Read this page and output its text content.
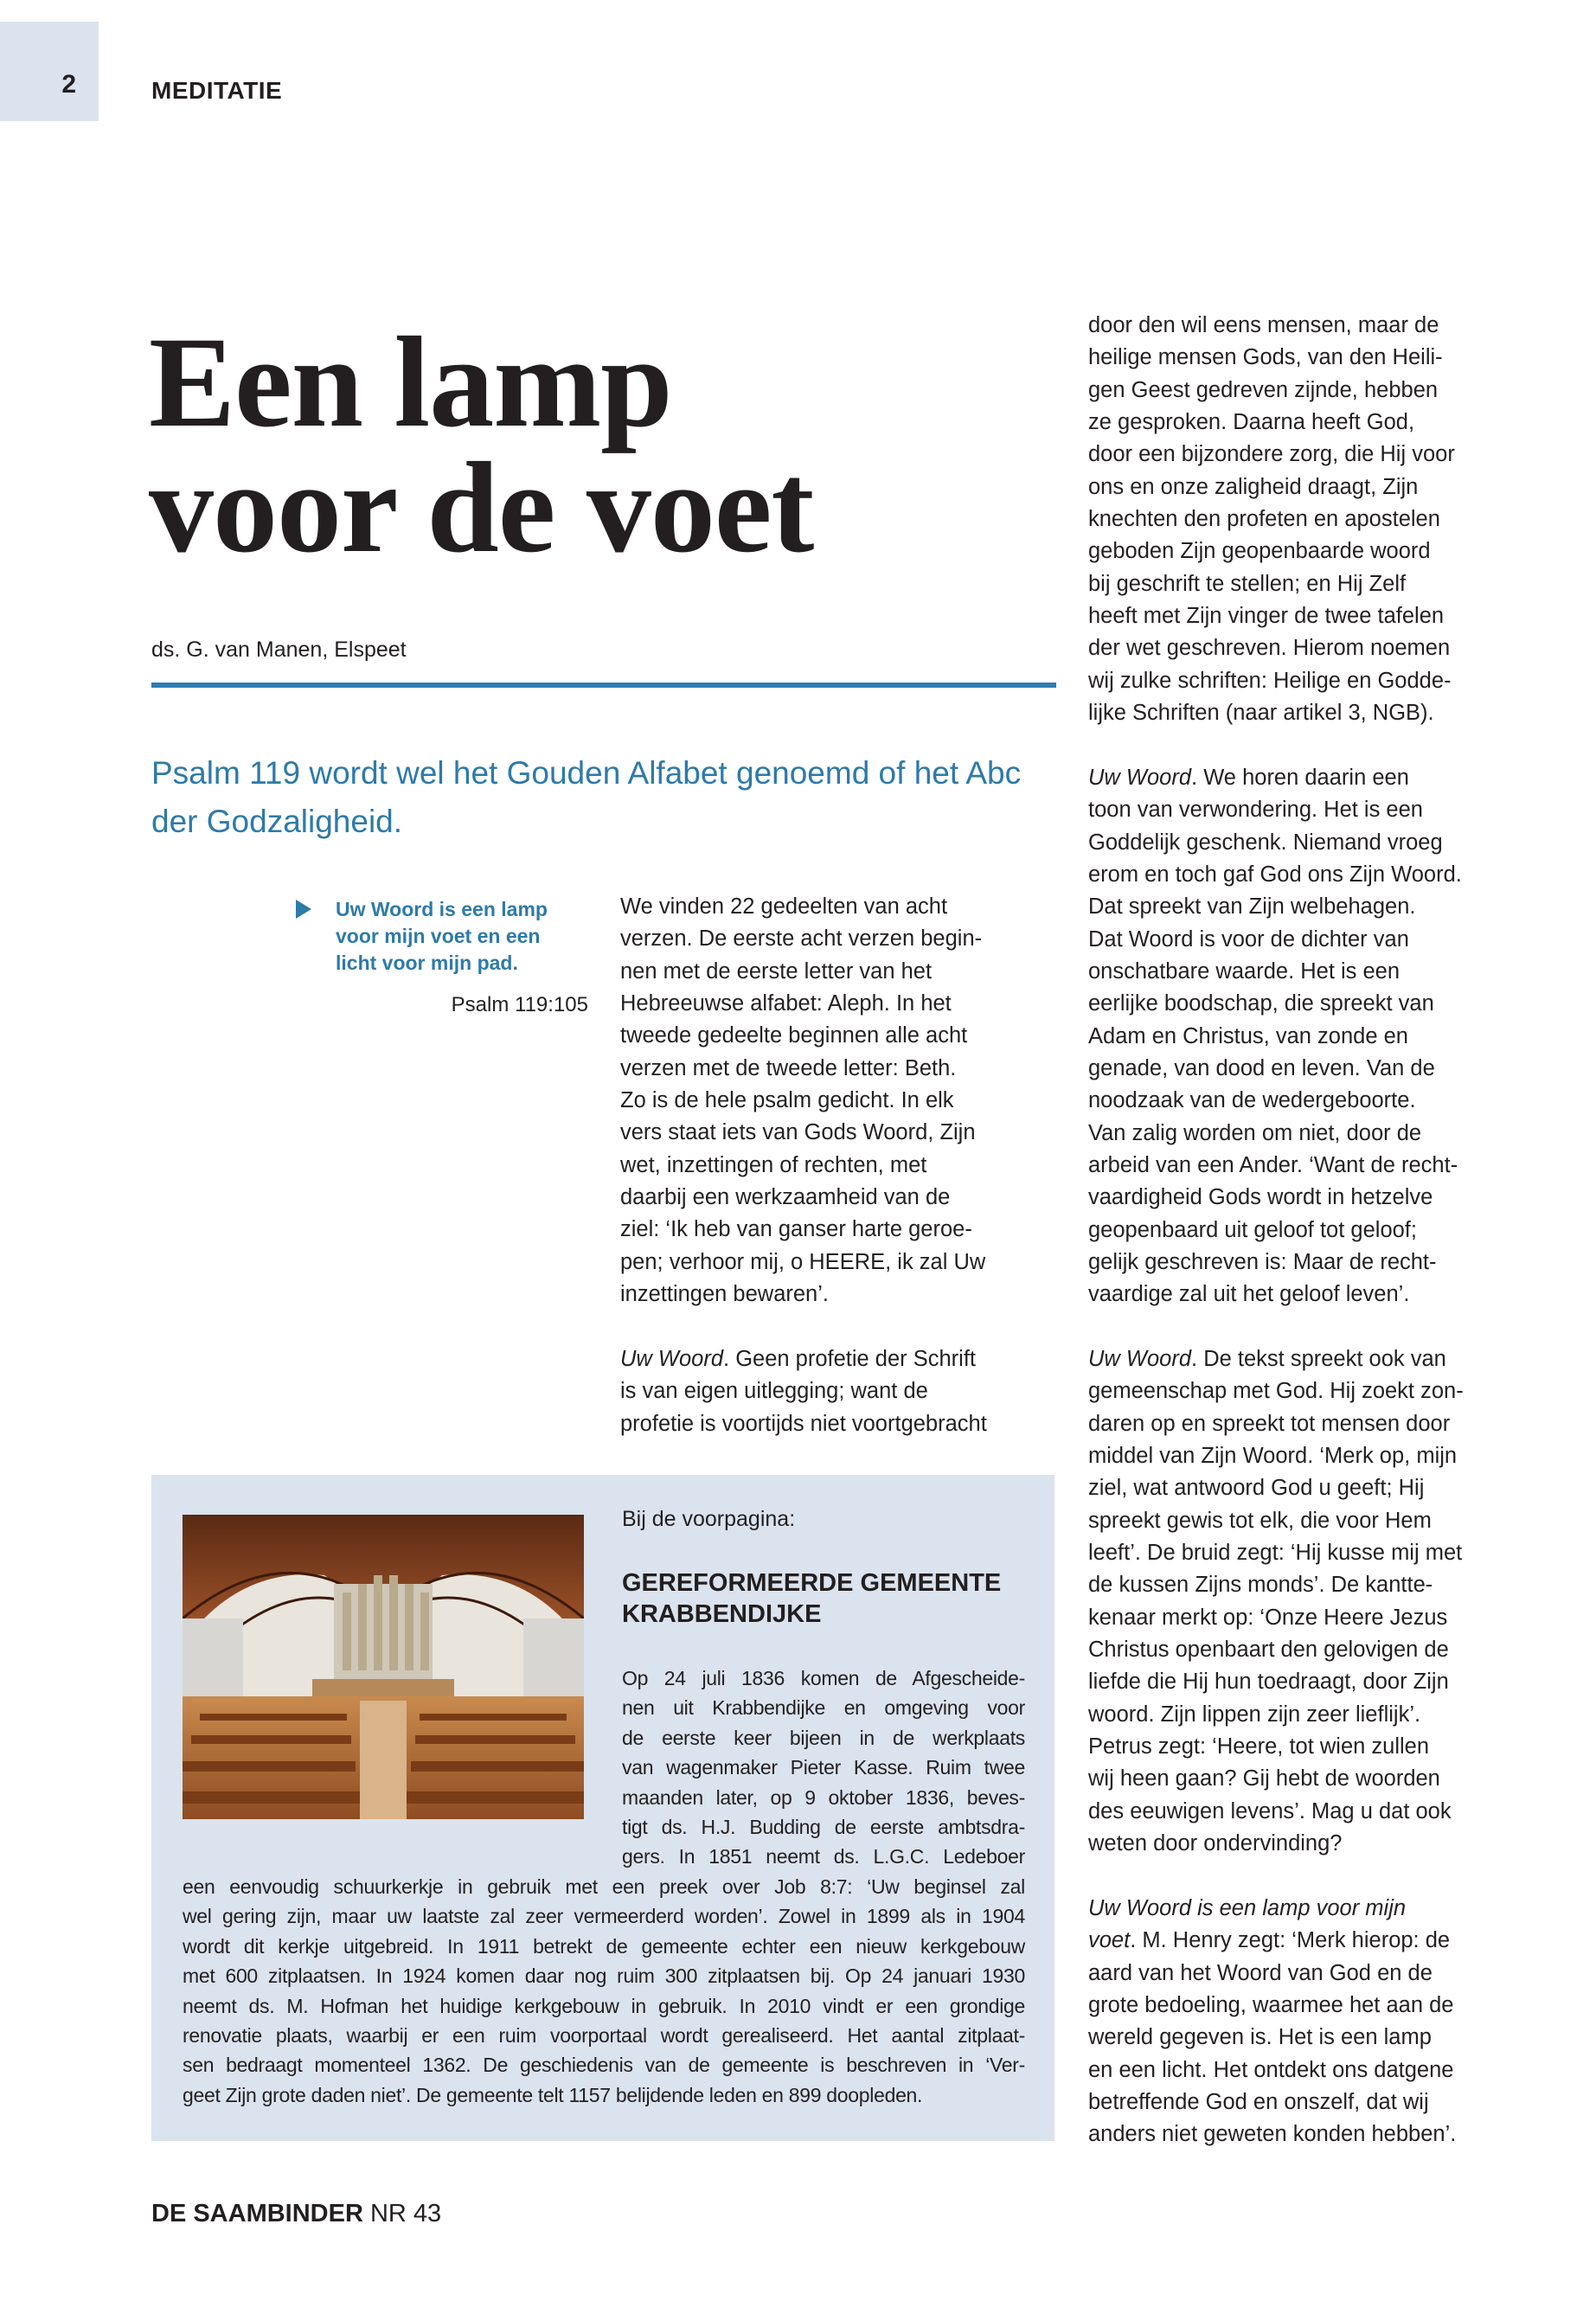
2	MEDITATIE
Een lamp
voor de voet
ds. G. van Manen, Elspeet
Psalm 119 wordt wel het Gouden Alfabet genoemd of het Abc der Godzaligheid.
Uw Woord is een lamp voor mijn voet en een licht voor mijn pad.
Psalm 119:105
We vinden 22 gedeelten van acht
verzen. De eerste acht verzen begin-
nen met de eerste letter van het
Hebreeuwse alfabet: Aleph. In het
tweede gedeelte beginnen alle acht
verzen met de tweede letter: Beth.
Zo is de hele psalm gedicht. In elk
vers staat iets van Gods Woord, Zijn
wet, inzettingen of rechten, met
daarbij een werkzaamheid van de
ziel: ‘Ik heb van ganser harte geroe-
pen; verhoor mij, o HEERE, ik zal Uw
inzettingen bewaren’.
Uw Woord. Geen profetie der Schrift
is van eigen uitlegging; want de
profetie is voortijds niet voortgebracht
door den wil eens mensen, maar de
heilige mensen Gods, van den Heili-
gen Geest gedreven zijnde, hebben
ze gesproken. Daarna heeft God,
door een bijzondere zorg, die Hij voor
ons en onze zaligheid draagt, Zijn
knechten den profeten en apostelen
geboden Zijn geopenbaarde woord
bij geschrift te stellen; en Hij Zelf
heeft met Zijn vinger de twee tafelen
der wet geschreven. Hierom noemen
wij zulke schriften: Heilige en Godde-
lijke Schriften (naar artikel 3, NGB).
Uw Woord. We horen daarin een
toon van verwondering. Het is een
Goddelijk geschenk. Niemand vroeg
erom en toch gaf God ons Zijn Woord.
Dat spreekt van Zijn welbehagen.
Dat Woord is voor de dichter van
onschatbare waarde. Het is een
eerlijke boodschap, die spreekt van
Adam en Christus, van zonde en
genade, van dood en leven. Van de
noodzaak van de wedergeboorte.
Van zalig worden om niet, door de
arbeid van een Ander. ‘Want de recht-
vaardigheid Gods wordt in hetzelve
geopenbaard uit geloof tot geloof;
gelijk geschreven is: Maar de recht-
vaardige zal uit het geloof leven’.
Uw Woord. De tekst spreekt ook van
gemeenschap met God. Hij zoekt zon-
daren op en spreekt tot mensen door
middel van Zijn Woord. ‘Merk op, mijn
ziel, wat antwoord God u geeft; Hij
spreekt gewis tot elk, die voor Hem
leeft’. De bruid zegt: ‘Hij kusse mij met
de kussen Zijns monds’. De kantte-
kenaar merkt op: ‘Onze Heere Jezus
Christus openbaart den gelovigen de
liefde die Hij hun toedraagt, door Zijn
woord. Zijn lippen zijn zeer lieflijk’.
Petrus zegt: ‘Heere, tot wien zullen
wij heen gaan? Gij hebt de woorden
des eeuwigen levens’. Mag u dat ook
weten door ondervinding?
Uw Woord is een lamp voor mijn
voet. M. Henry zegt: ‘Merk hierop: de
aard van het Woord van God en de
grote bedoeling, waarmee het aan de
wereld gegeven is. Het is een lamp
en een licht. Het ontdekt ons datgene
betreffende God en onszelf, dat wij
anders niet geweten konden hebben’.
Bij de voorpagina:
GEREFORMEERDE GEMEENTE
KRABBENDIJKE
Op 24 juli 1836 komen de Afgescheide-
nen uit Krabbendijke en omgeving voor
de eerste keer bijeen in de werkplaats
van wagenmaker Pieter Kasse. Ruim twee
maanden later, op 9 oktober 1836, beves-
tigt ds. H.J. Budding de eerste ambtsdra-
gers. In 1851 neemt ds. L.G.C. Ledeboer
een eenvoudig schuurkerkje in gebruik met een preek over Job 8:7: ‘Uw beginsel zal
wel gering zijn, maar uw laatste zal zeer vermeerderd worden’. Zowel in 1899 als in 1904
wordt dit kerkje uitgebreid. In 1911 betrekt de gemeente echter een nieuw kerkgebouw
met 600 zitplaatsen. In 1924 komen daar nog ruim 300 zitplaatsen bij. Op 24 januari 1930
neemt ds. M. Hofman het huidige kerkgebouw in gebruik. In 2010 vindt er een grondige
renovatie plaats, waarbij er een ruim voorportaal wordt gerealiseerd. Het aantal zitplaat-
sen bedraagt momenteel 1362. De geschiedenis van de gemeente is beschreven in ‘Ver-
geet Zijn grote daden niet’. De gemeente telt 1157 belijdende leden en 899 doopleden.
DE SAAMBINDER NR 43
